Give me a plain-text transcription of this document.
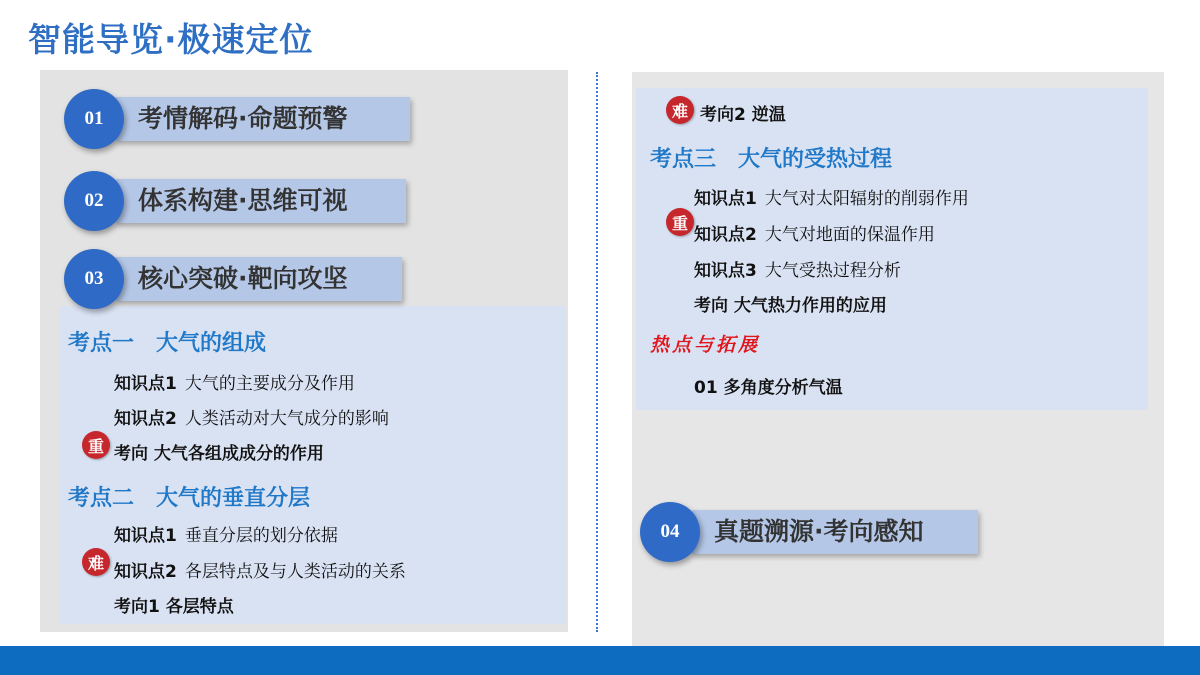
智能导览·极速定位
01	考情解码·命题预警
02	体系构建·思维可视
03	核心突破·靶向攻坚
04	真题溯源·考向感知
考点一　大气的组成
知识点1 大气的主要成分及作用
知识点2 人类活动对大气成分的影响
重 考向 大气各组成成分的作用
考点二　大气的垂直分层
知识点1 垂直分层的划分依据
难 知识点2 各层特点及与人类活动的关系
考向1 各层特点
难 考向2 逆温
考点三　大气的受热过程
知识点1 大气对太阳辐射的削弱作用
重
知识点2 大气对地面的保温作用
知识点3 大气受热过程分析
考向 大气热力作用的应用
热点与拓展
01 多角度分析气温
